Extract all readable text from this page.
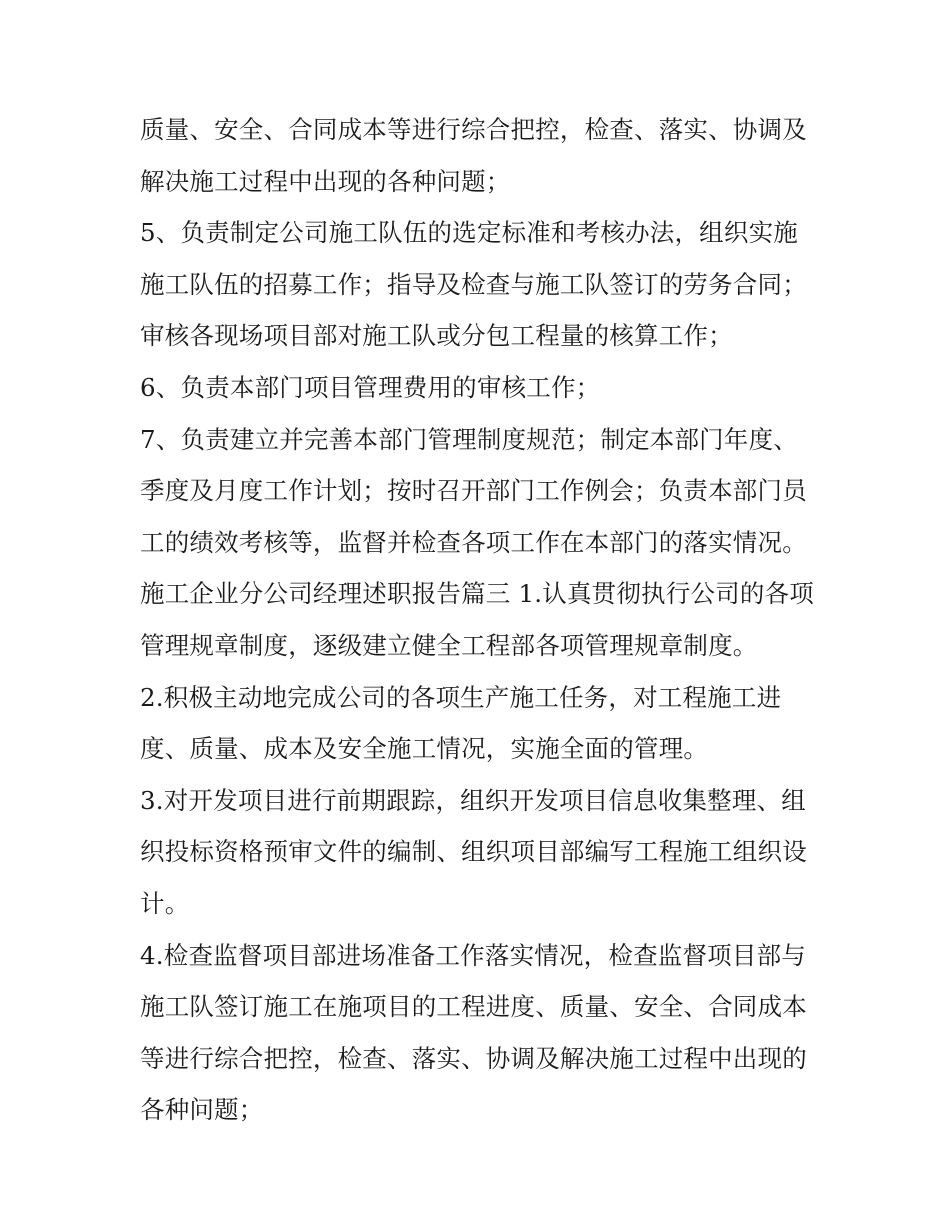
质量、安全、合同成本等进行综合把控，检查、落实、协调及
解决施工过程中出现的各种问题；
5、负责制定公司施工队伍的选定标准和考核办法，组织实施
施工队伍的招募工作；指导及检查与施工队签订的劳务合同；
审核各现场项目部对施工队或分包工程量的核算工作；
6、负责本部门项目管理费用的审核工作；
7、负责建立并完善本部门管理制度规范；制定本部门年度、
季度及月度工作计划；按时召开部门工作例会；负责本部门员
工的绩效考核等，监督并检查各项工作在本部门的落实情况。
施工企业分公司经理述职报告篇三 1.认真贯彻执行公司的各项
管理规章制度，逐级建立健全工程部各项管理规章制度。
2.积极主动地完成公司的各项生产施工任务，对工程施工进
度、质量、成本及安全施工情况，实施全面的管理。
3.对开发项目进行前期跟踪，组织开发项目信息收集整理、组
织投标资格预审文件的编制、组织项目部编写工程施工组织设
计。
4.检查监督项目部进场准备工作落实情况，检查监督项目部与
施工队签订施工在施项目的工程进度、质量、安全、合同成本
等进行综合把控，检查、落实、协调及解决施工过程中出现的
各种问题；
